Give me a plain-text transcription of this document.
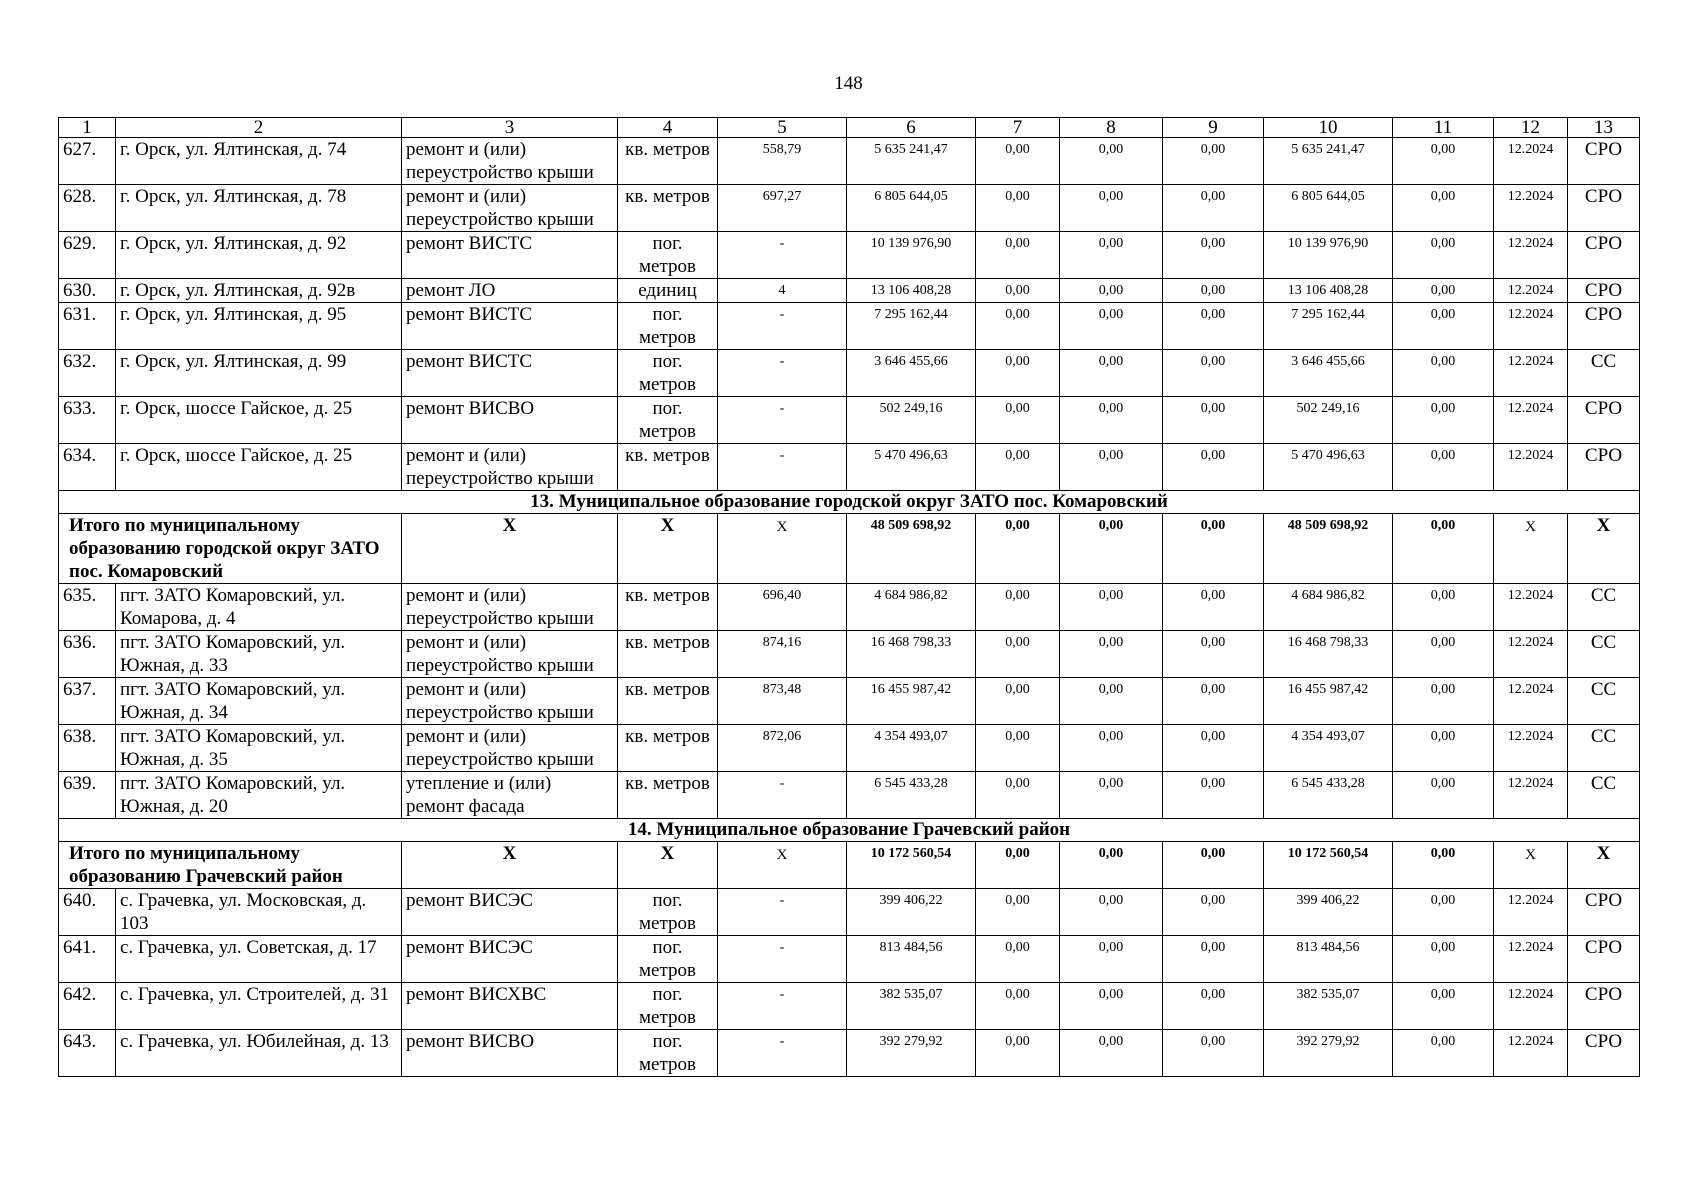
148
1	2	3	4	5	6	7	8	9	10	11	12	13
627.	г. Орск, ул. Ялтинская, д. 74	ремонт и (или) переустройство крыши	кв. метров	558,79	5 635 241,47	0,00	0,00	0,00	5 635 241,47	0,00	12.2024	СРО
628.	г. Орск, ул. Ялтинская, д. 78	ремонт и (или) переустройство крыши	кв. метров	697,27	6 805 644,05	0,00	0,00	0,00	6 805 644,05	0,00	12.2024	СРО
629.	г. Орск, ул. Ялтинская, д. 92	ремонт ВИСТС	пог. метров	-	10 139 976,90	0,00	0,00	0,00	10 139 976,90	0,00	12.2024	СРО
630.	г. Орск, ул. Ялтинская, д. 92в	ремонт ЛО	единиц	4	13 106 408,28	0,00	0,00	0,00	13 106 408,28	0,00	12.2024	СРО
631.	г. Орск, ул. Ялтинская, д. 95	ремонт ВИСТС	пог. метров	-	7 295 162,44	0,00	0,00	0,00	7 295 162,44	0,00	12.2024	СРО
632.	г. Орск, ул. Ялтинская, д. 99	ремонт ВИСТС	пог. метров	-	3 646 455,66	0,00	0,00	0,00	3 646 455,66	0,00	12.2024	СС
633.	г. Орск, шоссе Гайское, д. 25	ремонт ВИСВО	пог. метров	-	502 249,16	0,00	0,00	0,00	502 249,16	0,00	12.2024	СРО
634.	г. Орск, шоссе Гайское, д. 25	ремонт и (или) переустройство крыши	кв. метров	-	5 470 496,63	0,00	0,00	0,00	5 470 496,63	0,00	12.2024	СРО
13. Муниципальное образование городской округ ЗАТО пос. Комаровский												
Итого по муниципальному образованию городской округ ЗАТО пос. Комаровский		X	X	X	48 509 698,92	0,00	0,00	0,00	48 509 698,92	0,00	X	X
635.	пгт. ЗАТО Комаровский, ул. Комарова, д. 4	ремонт и (или) переустройство крыши	кв. метров	696,40	4 684 986,82	0,00	0,00	0,00	4 684 986,82	0,00	12.2024	СС
636.	пгт. ЗАТО Комаровский, ул. Южная, д. 33	ремонт и (или) переустройство крыши	кв. метров	874,16	16 468 798,33	0,00	0,00	0,00	16 468 798,33	0,00	12.2024	СС
637.	пгт. ЗАТО Комаровский, ул. Южная, д. 34	ремонт и (или) переустройство крыши	кв. метров	873,48	16 455 987,42	0,00	0,00	0,00	16 455 987,42	0,00	12.2024	СС
638.	пгт. ЗАТО Комаровский, ул. Южная, д. 35	ремонт и (или) переустройство крыши	кв. метров	872,06	4 354 493,07	0,00	0,00	0,00	4 354 493,07	0,00	12.2024	СС
639.	пгт. ЗАТО Комаровский, ул. Южная, д. 20	утепление и (или) ремонт фасада	кв. метров	-	6 545 433,28	0,00	0,00	0,00	6 545 433,28	0,00	12.2024	СС
14. Муниципальное образование Грачевский район												
Итого по муниципальному образованию Грачевский район		X	X	X	10 172 560,54	0,00	0,00	0,00	10 172 560,54	0,00	X	X
640.	с. Грачевка, ул. Московская, д. 103	ремонт ВИСЭС	пог. метров	-	399 406,22	0,00	0,00	0,00	399 406,22	0,00	12.2024	СРО
641.	с. Грачевка, ул. Советская, д. 17	ремонт ВИСЭС	пог. метров	-	813 484,56	0,00	0,00	0,00	813 484,56	0,00	12.2024	СРО
642.	с. Грачевка, ул. Строителей, д. 31	ремонт ВИСХВС	пог. метров	-	382 535,07	0,00	0,00	0,00	382 535,07	0,00	12.2024	СРО
643.	с. Грачевка, ул. Юбилейная, д. 13	ремонт ВИСВО	пог. метров	-	392 279,92	0,00	0,00	0,00	392 279,92	0,00	12.2024	СРО
